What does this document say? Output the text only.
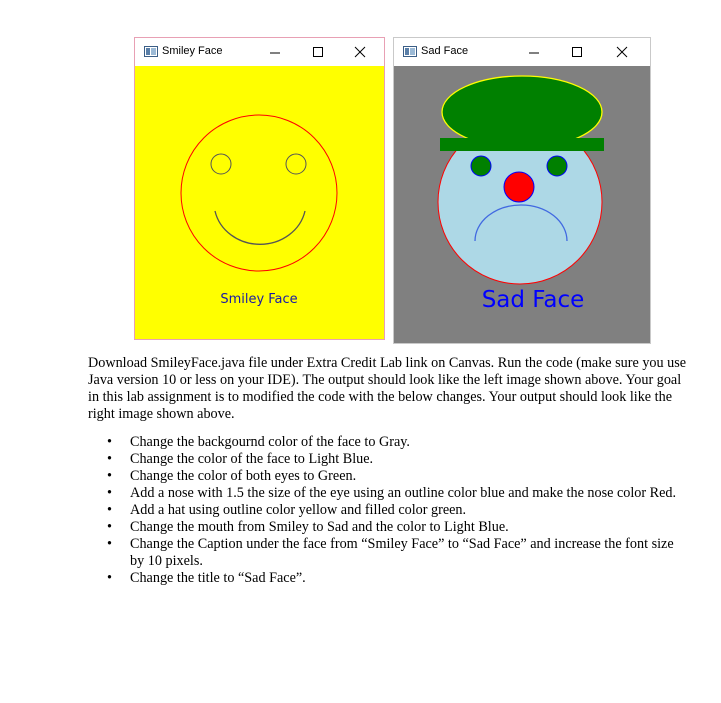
Smiley Face
Smiley Face
Sad Face
Sad Face

Download SmileyFace.java file under Extra Credit Lab link on Canvas. Run the code (make sure you use Java version 10 or less on your IDE). The output should look like the left image shown above. Your goal in this lab assignment is to modified the code with the below changes. Your output should look like the right image shown above.

• Change the backgournd color of the face to Gray.
• Change the color of the face to Light Blue.
• Change the color of both eyes to Green.
• Add a nose with 1.5 the size of the eye using an outline color blue and make the nose color Red.
• Add a hat using outline color yellow and filled color green.
• Change the mouth from Smiley to Sad and the color to Light Blue.
• Change the Caption under the face from “Smiley Face” to “Sad Face” and increase the font size by 10 pixels.
• Change the title to “Sad Face”.
